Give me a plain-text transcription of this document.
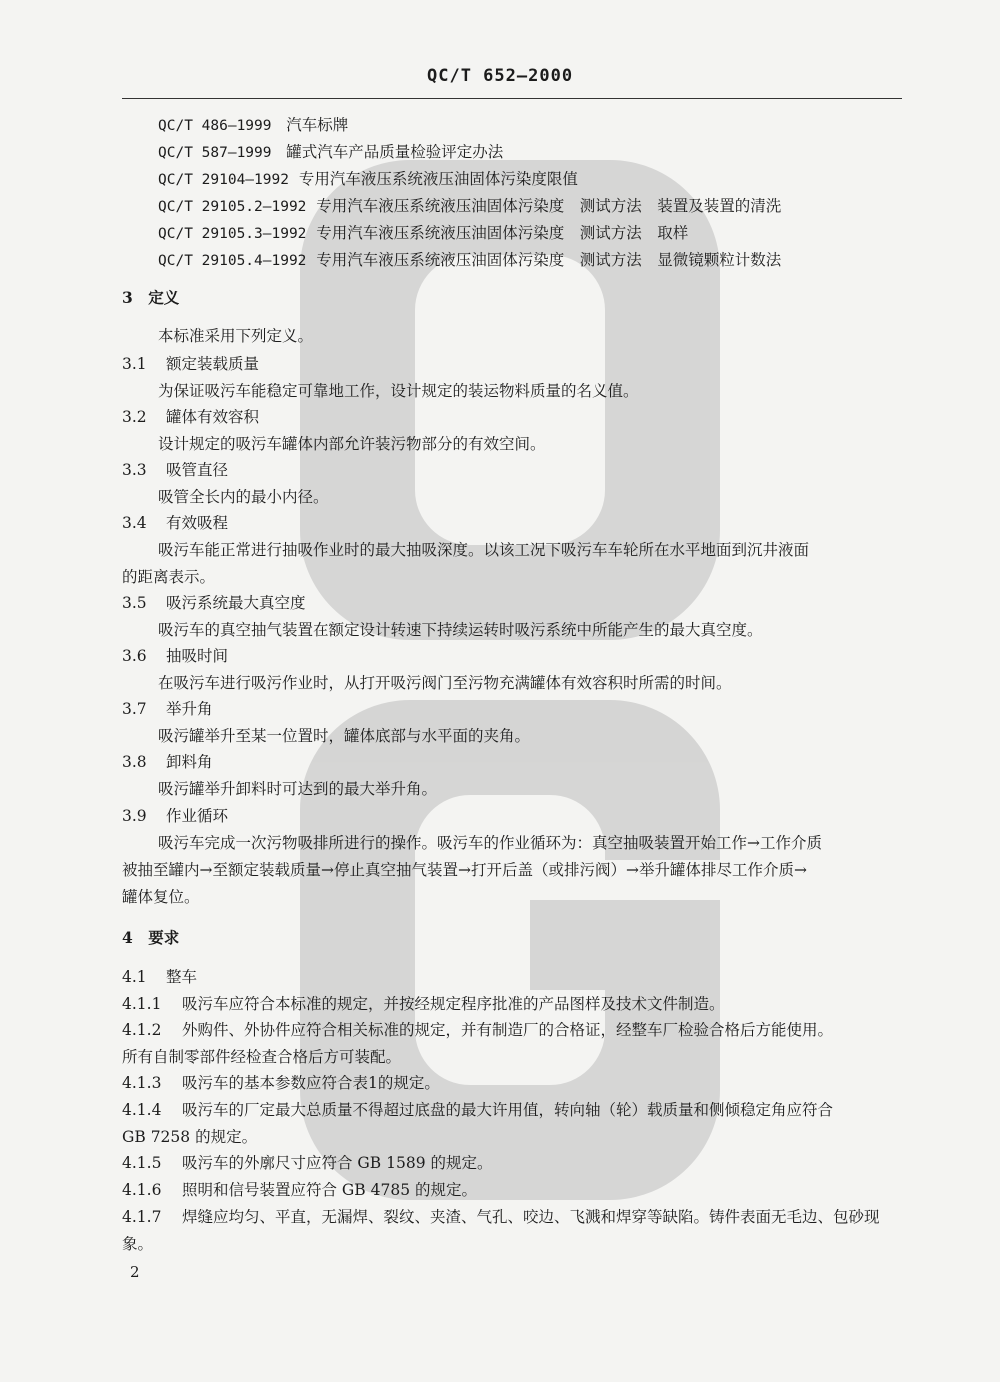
QC/T 652—2000
QC/T 486—1999 汽车标牌
QC/T 587—1999 罐式汽车产品质量检验评定办法
QC/T 29104—1992 专用汽车液压系统液压油固体污染度限值
QC/T 29105.2—1992 专用汽车液压系统液压油固体污染度　测试方法　装置及装置的清洗
QC/T 29105.3—1992 专用汽车液压系统液压油固体污染度　测试方法　取样
QC/T 29105.4—1992 专用汽车液压系统液压油固体污染度　测试方法　显微镜颗粒计数法
3　定义
本标准采用下列定义。
3.1 额定装载质量
为保证吸污车能稳定可靠地工作，设计规定的装运物料质量的名义值。
3.2 罐体有效容积
设计规定的吸污车罐体内部允许装污物部分的有效空间。
3.3 吸管直径
吸管全长内的最小内径。
3.4 有效吸程
吸污车能正常进行抽吸作业时的最大抽吸深度。以该工况下吸污车车轮所在水平地面到沉井液面
的距离表示。
3.5 吸污系统最大真空度
吸污车的真空抽气装置在额定设计转速下持续运转时吸污系统中所能产生的最大真空度。
3.6 抽吸时间
在吸污车进行吸污作业时，从打开吸污阀门至污物充满罐体有效容积时所需的时间。
3.7 举升角
吸污罐举升至某一位置时，罐体底部与水平面的夹角。
3.8 卸料角
吸污罐举升卸料时可达到的最大举升角。
3.9 作业循环
吸污车完成一次污物吸排所进行的操作。吸污车的作业循环为：真空抽吸装置开始工作→工作介质
被抽至罐内→至额定装载质量→停止真空抽气装置→打开后盖（或排污阀）→举升罐体排尽工作介质→
罐体复位。
4　要求
4.1 整车
4.1.1 吸污车应符合本标准的规定，并按经规定程序批准的产品图样及技术文件制造。
4.1.2 外购件、外协件应符合相关标准的规定，并有制造厂的合格证，经整车厂检验合格后方能使用。
所有自制零部件经检查合格后方可装配。
4.1.3 吸污车的基本参数应符合表1的规定。
4.1.4 吸污车的厂定最大总质量不得超过底盘的最大许用值，转向轴（轮）载质量和侧倾稳定角应符合
GB 7258 的规定。
4.1.5 吸污车的外廓尺寸应符合 GB 1589 的规定。
4.1.6 照明和信号装置应符合 GB 4785 的规定。
4.1.7 焊缝应均匀、平直，无漏焊、裂纹、夹渣、气孔、咬边、飞溅和焊穿等缺陷。铸件表面无毛边、包砂现
象。
2
